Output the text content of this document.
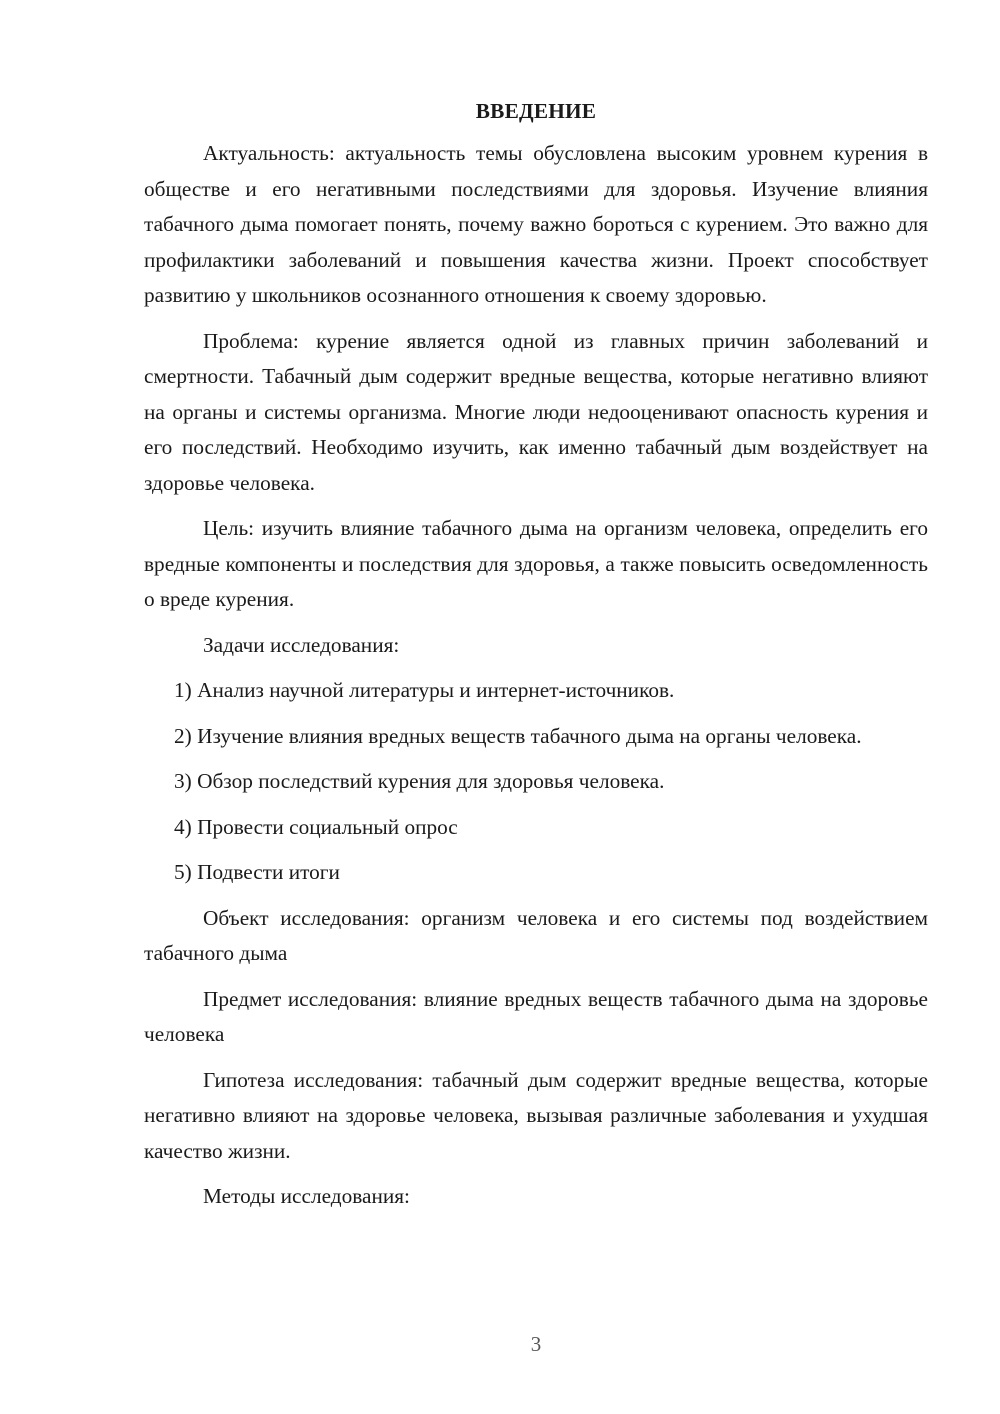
ВВЕДЕНИЕ

Актуальность: актуальность темы обусловлена высоким уровнем курения в обществе и его негативными последствиями для здоровья. Изучение влияния табачного дыма помогает понять, почему важно бороться с курением. Это важно для профилактики заболеваний и повышения качества жизни. Проект способствует развитию у школьников осознанного отношения к своему здоровью.

Проблема: курение является одной из главных причин заболеваний и смертности. Табачный дым содержит вредные вещества, которые негативно влияют на органы и системы организма. Многие люди недооценивают опасность курения и его последствий. Необходимо изучить, как именно табачный дым воздействует на здоровье человека.

Цель: изучить влияние табачного дыма на организм человека, определить его вредные компоненты и последствия для здоровья, а также повысить осведомленность о вреде курения.

Задачи исследования:

1) Анализ научной литературы и интернет-источников.

2) Изучение влияния вредных веществ табачного дыма на органы человека.

3) Обзор последствий курения для здоровья человека.

4) Провести социальный опрос

5) Подвести итоги

Объект исследования: организм человека и его системы под воздействием табачного дыма

Предмет исследования: влияние вредных веществ табачного дыма на здоровье человека

Гипотеза исследования: табачный дым содержит вредные вещества, которые негативно влияют на здоровье человека, вызывая различные заболевания и ухудшая качество жизни.

Методы исследования:

3
